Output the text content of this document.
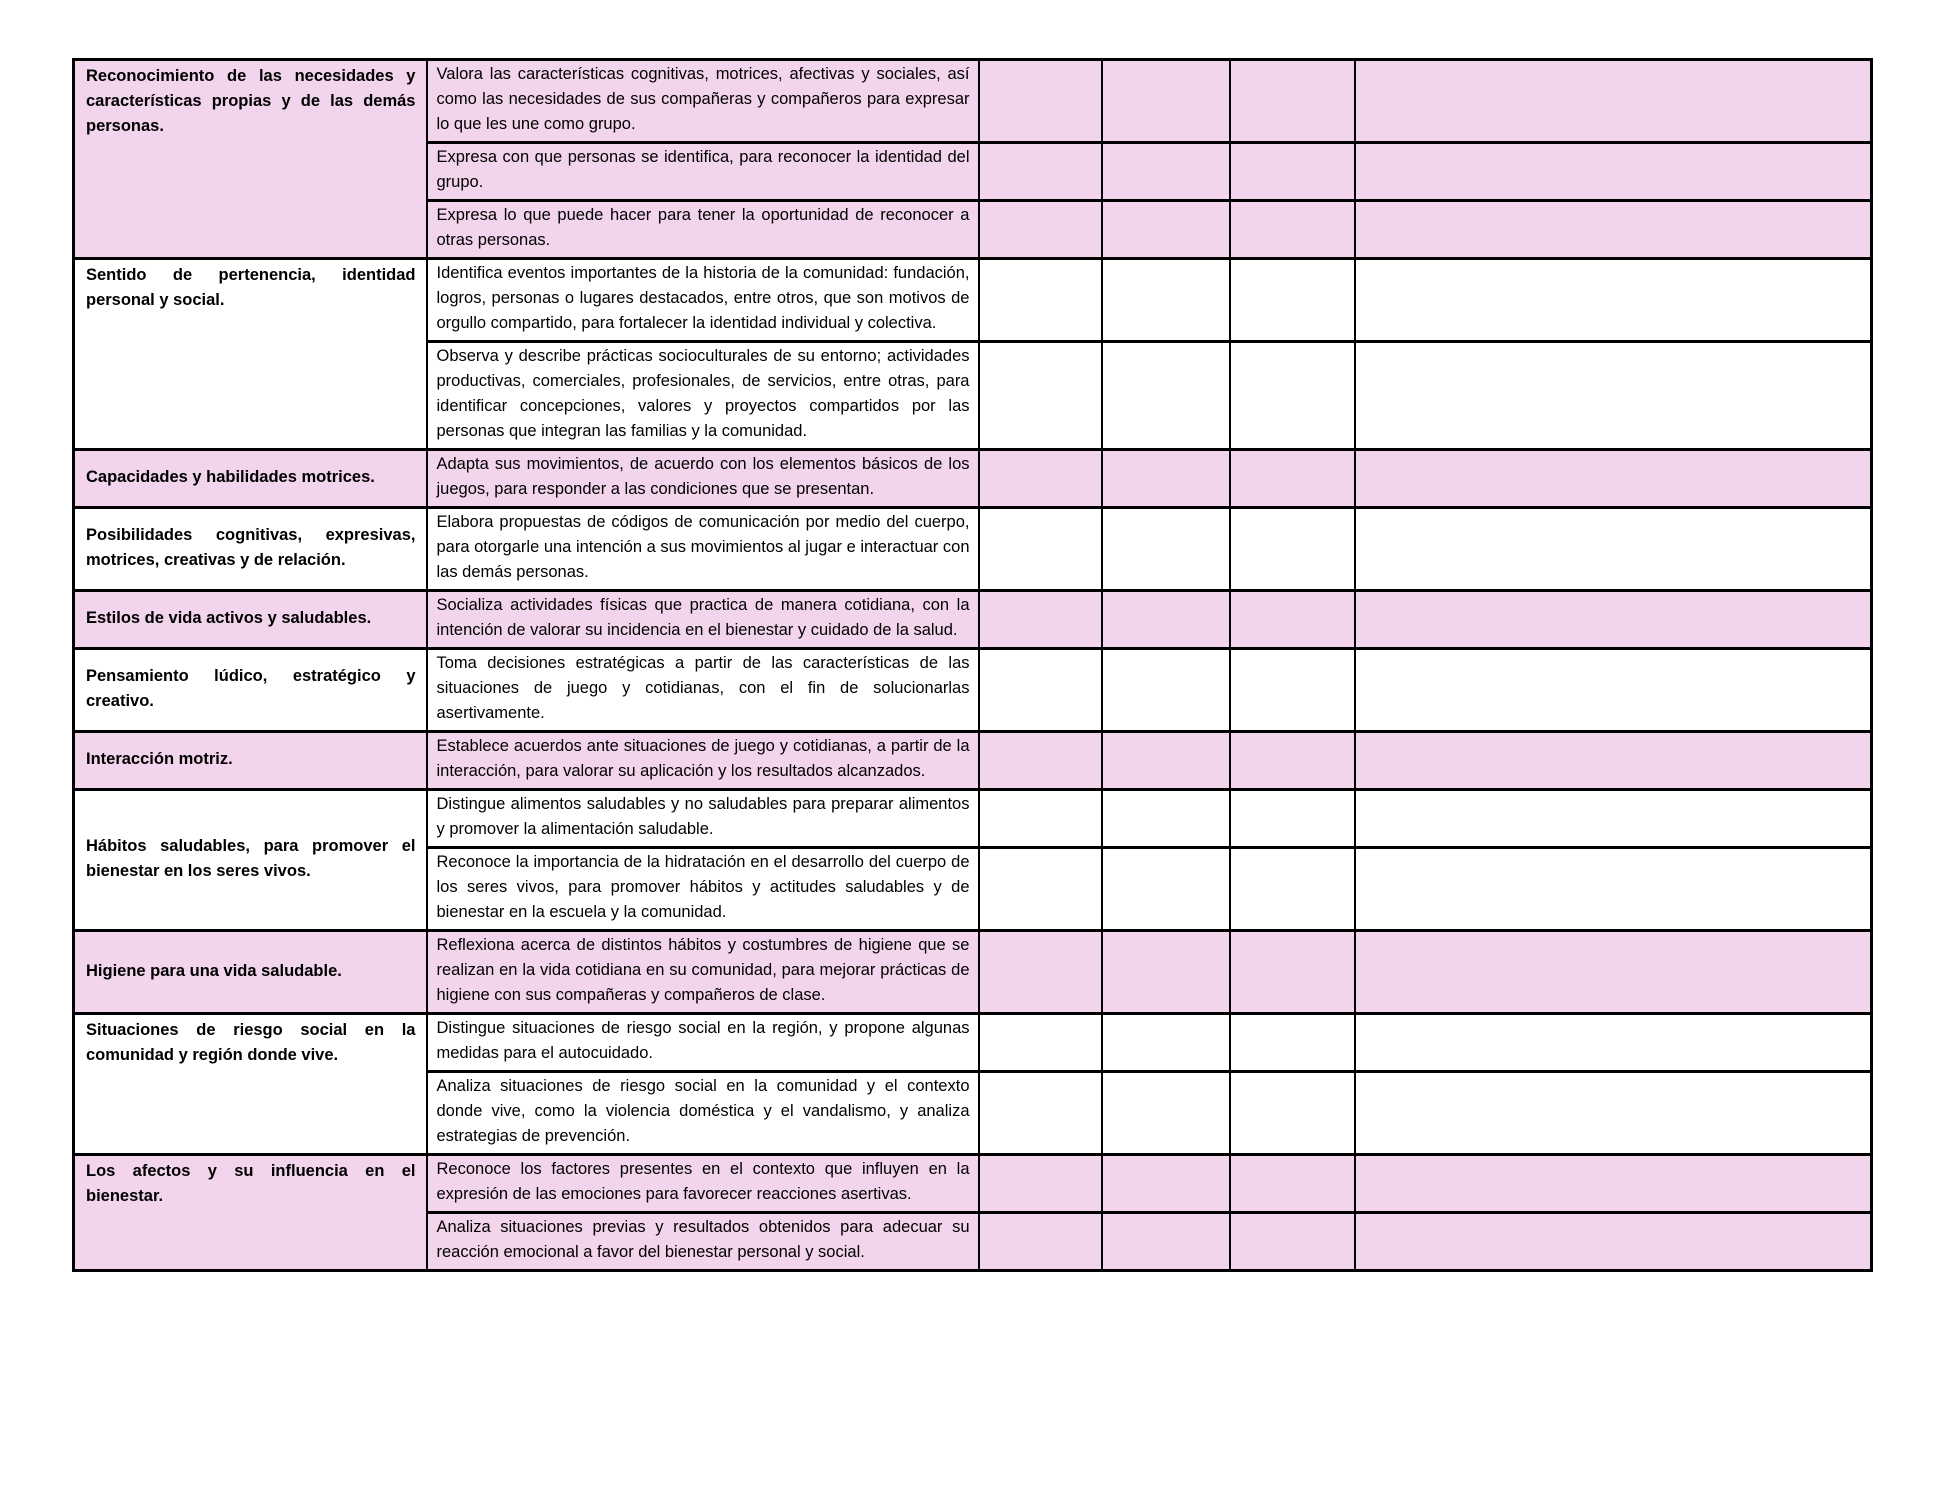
Reconocimiento de las necesidades y características propias y de las demás personas.	Valora las características cognitivas, motrices, afectivas y sociales, así como las necesidades de sus compañeras y compañeros para expresar lo que les une como grupo.				
	Expresa con que personas se identifica, para reconocer la identidad del grupo.				
	Expresa lo que puede hacer para tener la oportunidad de reconocer a otras personas.				
Sentido de pertenencia, identidad personal y social.	Identifica eventos importantes de la historia de la comunidad: fundación, logros, personas o lugares destacados, entre otros, que son motivos de orgullo compartido, para fortalecer la identidad individual y colectiva.				
	Observa y describe prácticas socioculturales de su entorno; actividades productivas, comerciales, profesionales, de servicios, entre otras, para identificar concepciones, valores y proyectos compartidos por las personas que integran las familias y la comunidad.				
Capacidades y habilidades motrices.	Adapta sus movimientos, de acuerdo con los elementos básicos de los juegos, para responder a las condiciones que se presentan.				
Posibilidades cognitivas, expresivas, motrices, creativas y de relación.	Elabora propuestas de códigos de comunicación por medio del cuerpo, para otorgarle una intención a sus movimientos al jugar e interactuar con las demás personas.				
Estilos de vida activos y saludables.	Socializa actividades físicas que practica de manera cotidiana, con la intención de valorar su incidencia en el bienestar y cuidado de la salud.				
Pensamiento lúdico, estratégico y creativo.	Toma decisiones estratégicas a partir de las características de las situaciones de juego y cotidianas, con el fin de solucionarlas asertivamente.				
Interacción motriz.	Establece acuerdos ante situaciones de juego y cotidianas, a partir de la interacción, para valorar su aplicación y los resultados alcanzados.				
Hábitos saludables, para promover el bienestar en los seres vivos.	Distingue alimentos saludables y no saludables para preparar alimentos y promover la alimentación saludable.				
	Reconoce la importancia de la hidratación en el desarrollo del cuerpo de los seres vivos, para promover hábitos y actitudes saludables y de bienestar en la escuela y la comunidad.				
Higiene para una vida saludable.	Reflexiona acerca de distintos hábitos y costumbres de higiene que se realizan en la vida cotidiana en su comunidad, para mejorar prácticas de higiene con sus compañeras y compañeros de clase.				
Situaciones de riesgo social en la comunidad y región donde vive.	Distingue situaciones de riesgo social en la región, y propone algunas medidas para el autocuidado.				
	Analiza situaciones de riesgo social en la comunidad y el contexto donde vive, como la violencia doméstica y el vandalismo, y analiza estrategias de prevención.				
Los afectos y su influencia en el bienestar.	Reconoce los factores presentes en el contexto que influyen en la expresión de las emociones para favorecer reacciones asertivas.				
	Analiza situaciones previas y resultados obtenidos para adecuar su reacción emocional a favor del bienestar personal y social.				
